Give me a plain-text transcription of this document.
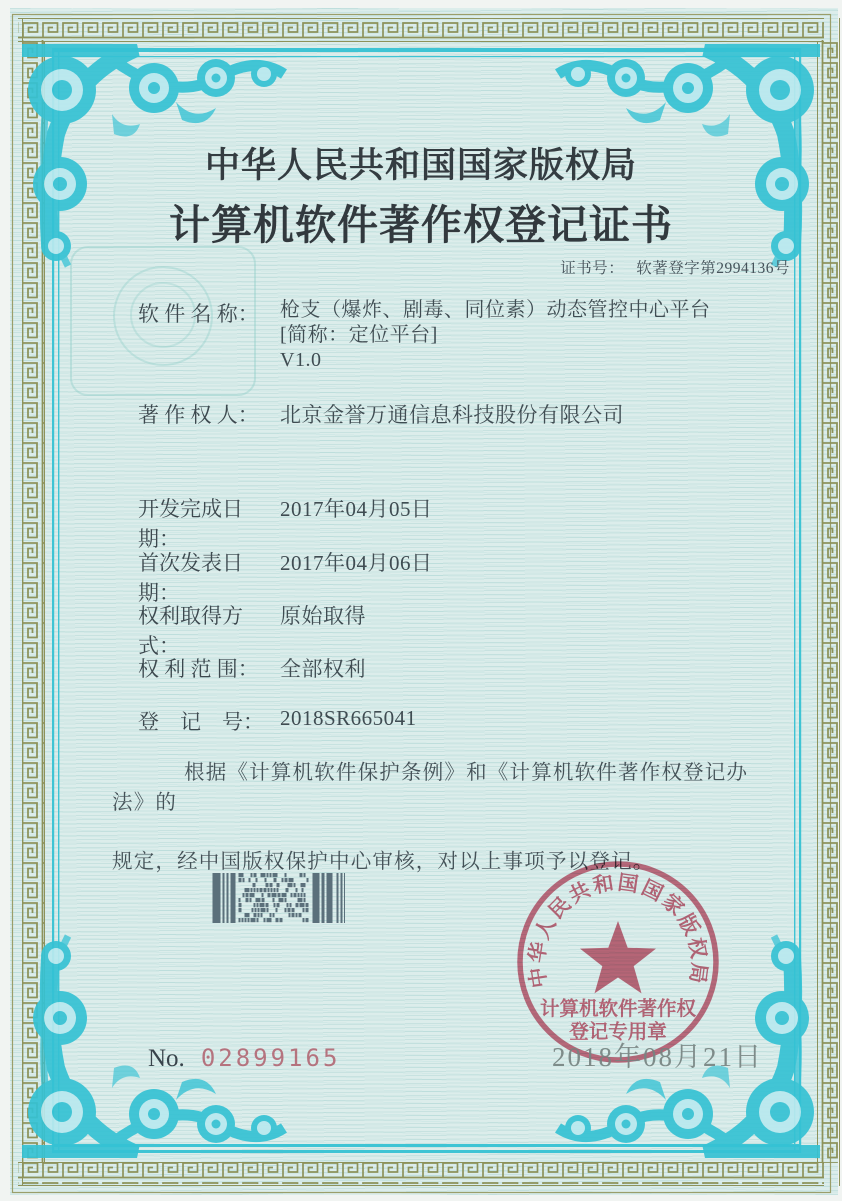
中华人民共和国国家版权局
计算机软件著作权登记证书
证书号： 软著登字第2994136号
软 件 名 称：	枪支（爆炸、剧毒、同位素）动态管控中心平台
[简称：定位平台]
V1.0
著 作 权 人：	北京金誉万通信息科技股份有限公司
开发完成日期：
2017年04月05日
首次发表日期：
2017年04月06日
权利取得方式：
原始取得
权 利 范 围：	全部权利
登　记　号： 2018SR665041
根据《计算机软件保护条例》和《计算机软件著作权登记办法》的
规定，经中国版权保护中心审核，对以上事项予以登记。
中华人民共和国国家版权局
计算机软件著作权
登记专用章
2018年08月21日
No. 02899165
